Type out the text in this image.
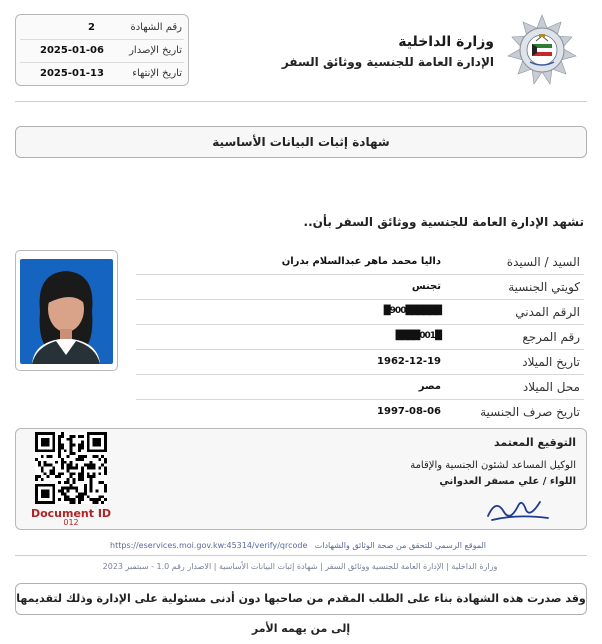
رقم الشهادة
2
تاريخ الإصدار
2025-01-06
تاريخ الإنتهاء
2025-01-13
وزارة الداخلية
الإدارة العامة للجنسية ووثائق السفر
شهادة إثبات البيانات الأساسية
تشهد الإدارة العامة للجنسية ووثائق السفر بأن..
السيد / السيدة
داليا محمد ماهر عبدالسلام بدران
كويتي الجنسية
تجنس
الرقم المدني
██████900█
رقم المرجع
█001████
تاريخ الميلاد
1962-12-19
محل الميلاد
مصر
تاريخ صرف الجنسية
1997-08-06
التوقيع المعتمد
الوكيل المساعد لشئون الجنسية والإقامة
اللواء / علي مسفر العدواني
Document ID
012
https://eservices.moi.gov.kw:45314/verify/qrcode الموقع الرسمي للتحقق من صحة الوثائق والشهادات
وزارة الداخلية | الإدارة العامة للجنسية ووثائق السفر | شهادة إثبات البيانات الأساسية | الاصدار رقم 1.0 - سبتمبر 2023
وقد صدرت هذه الشهادة بناء على الطلب المقدم من صاحبها دون أدنى مسئولية على الإدارة وذلك لتقديمها إلى من يهمه الأمر
